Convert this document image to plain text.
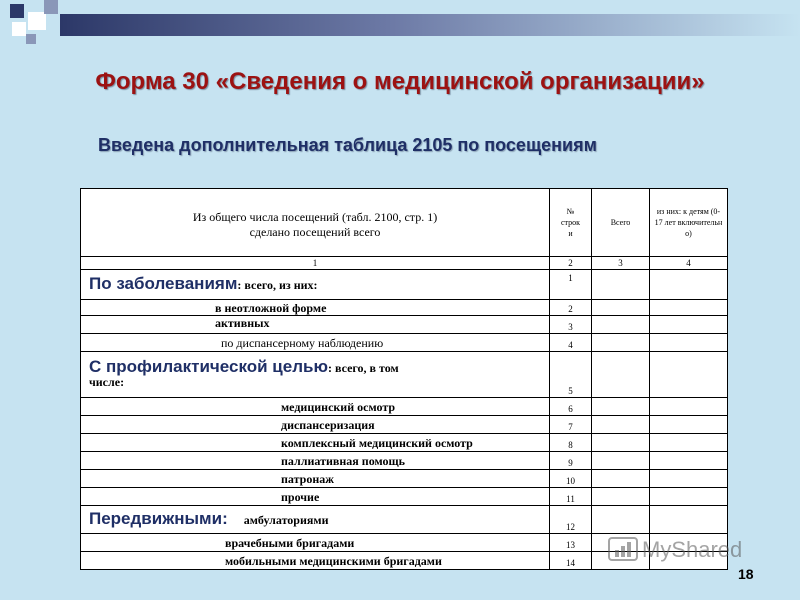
Форма 30 «Сведения о медицинской организации»
Введена дополнительная таблица 2105 по посещениям
Из общего числа посещений (табл. 2100, стр. 1)
сделано посещений всего	№ строк и	Всего	из них: к детям (0-17 лет включительн о)
1	2	3	4
По заболеваниям: всего, из них:	1		
в неотложной форме	2		
активных	3		
по диспансерному наблюдению	4		

С профилактической целью: всего, в том
числе:	5		
медицинский осмотр	6		
диспансеризация	7		
комплексный медицинский осмотр	8		
паллиативная помощь	9		
патронаж	10		
прочие	11		
Передвижными: амбулаториями	12		
врачебными бригадами	13		
мобильными медицинскими бригадами	14		
MyShared
18
